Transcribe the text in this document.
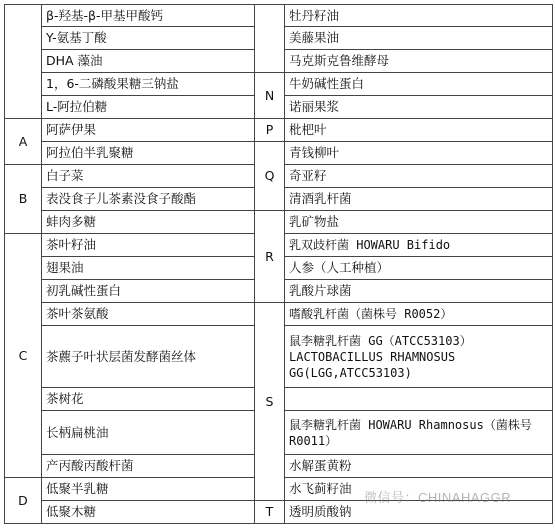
	β-羟基-β-甲基甲酸钙		牡丹籽油
	Y-氨基丁酸		美藤果油
	DHA 藻油		马克斯克鲁维酵母
	1，6-二磷酸果糖三钠盐	N	牛奶碱性蛋白
	L-阿拉伯糖		诺丽果浆
A	阿萨伊果	P	枇杷叶
	阿拉伯半乳聚糖	Q	青钱柳叶
B	白子菜		奇亚籽
	表没食子儿茶素没食子酸酯		清酒乳杆菌
	蚌肉多糖	R	乳矿物盐
C	茶叶籽油		乳双歧杆菌 HOWARU Bifido
	翅果油		人参（人工种植）
	初乳碱性蛋白		乳酸片球菌
	茶叶茶氨酸	S	嗜酸乳杆菌（菌株号 R0052）
	茶藨子叶状层菌发酵菌丝体		鼠李糖乳杆菌 GG（ATCC53103） LACTOBACILLUS RHAMNOSUS GG(LGG,ATCC53103)
	茶树花		
	长柄扁桃油		鼠李糖乳杆菌 HOWARU Rhamnosus（菌株号 R0011）
	产丙酸丙酸杆菌		水解蛋黄粉
D	低聚半乳糖		水飞蓟籽油
	低聚木糖	T	透明质酸钠
微信号：CHINAHAGGR
